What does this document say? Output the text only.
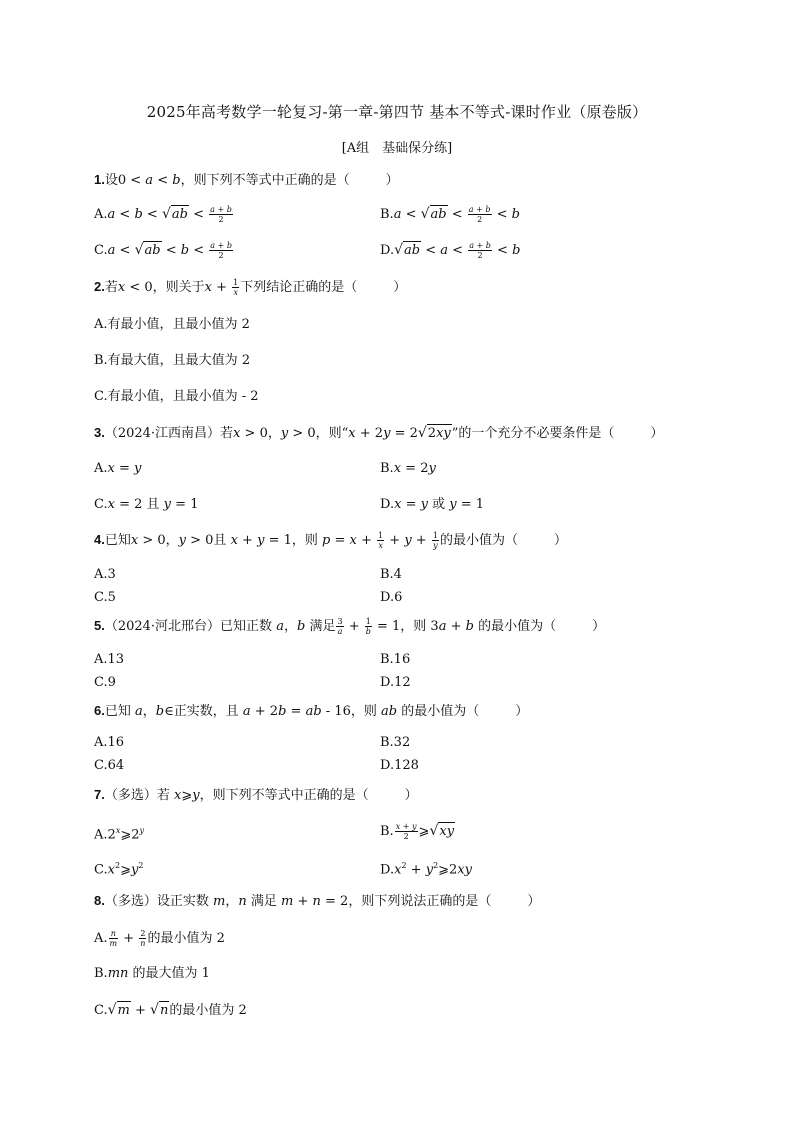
2025年高考数学一轮复习-第一章-第四节 基本不等式-课时作业（原卷版）
[A组　基础保分练]
1.设0 < a < b，则下列不等式中正确的是（	）
$A.a < b < √ab < \frac{a + b}{2}$	$B.a < √ab < \frac{a + b}{2} < b$
$C.a < √ab < b < \frac{a + b}{2}$	$D.√ab < a < \frac{a + b}{2} < b$
2.若x < 0，则关于$x + \frac{1}{x}$ 下列结论正确的是（	）
A.有最小值，且最小值为 2
B.有最大值，且最大值为 2
C.有最小值，且最小值为 - 2
3.（2024·江西南昌）若x > 0，y > 0，则“x + 2y = 2√2xy”的一个充分不必要条件是（	）
A.x = y	B.x = 2y
C.x = 2 且 y = 1	D.x = y 或 y = 1
4.已知x > 0，y > 0且 x + y = 1，则 $p = x + \frac{1}{x} + y + \frac{1}{y}$ 的最小值为（	）
A.3	B.4
C.5	D.6
5.（2024·河北邢台）已知正数 a，b 满足 $\frac{3}{a} + \frac{1}{b} = 1$，则 3a + b 的最小值为（	）
A.13	B.16
C.9	D.12
6.已知 a，b∈正实数，且 a + 2b = ab - 16，则 ab 的最小值为（	）
A.16	B.32
C.64	D.128
7.（多选）若 x⩾y，则下列不等式中正确的是（	）
A.2$^x$⩾2$^y$	B. $\frac{x + y}{2}$ ⩾√xy
$C.x^2⩾y^2$	$D.x^2$ + $y^2⩾2xy$
8.（多选）设正实数 m，n 满足 m + n = 2，则下列说法正确的是（	）
A. $\frac{n}{m} + \frac{2}{n}$ 的最小值为 2
B.mn 的最大值为 1
C.√m + √n的最小值为 2
